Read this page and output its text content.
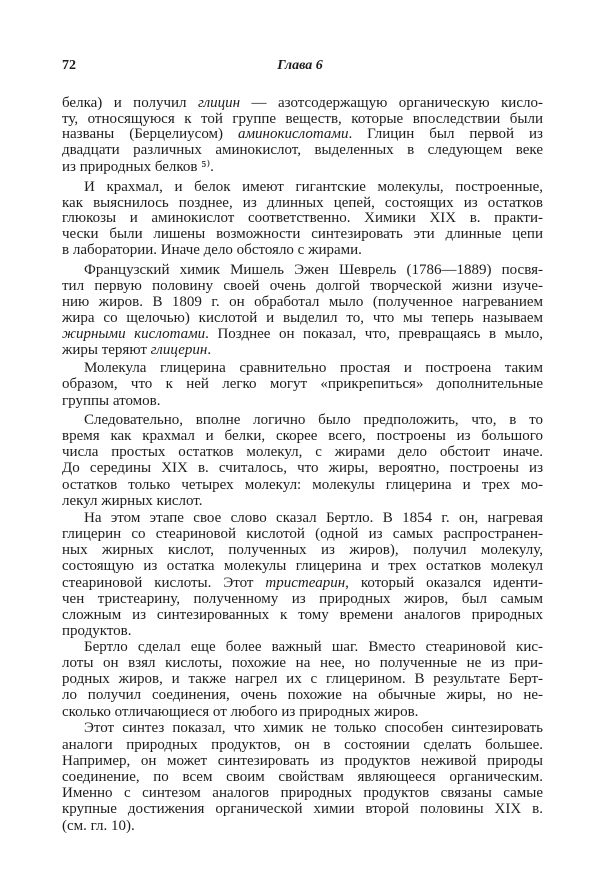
72	Глава 6
белка) и получил глицин — азотсодержащую органическую кисло-
ту, относящуюся к той группе веществ, которые впоследствии были
названы (Берцелиусом) аминокислотами. Глицин был первой из
двадцати различных аминокислот, выделенных в следующем веке
из природных белков ⁵⁾.
И крахмал, и белок имеют гигантские молекулы, построенные,
как выяснилось позднее, из длинных цепей, состоящих из остатков
глюкозы и аминокислот соответственно. Химики XIX в. практи-
чески были лишены возможности синтезировать эти длинные цепи
в лаборатории. Иначе дело обстояло с жирами.
Французский химик Мишель Эжен Шеврель (1786—1889) посвя-
тил первую половину своей очень долгой творческой жизни изуче-
нию жиров. В 1809 г. он обработал мыло (полученное нагреванием
жира со щелочью) кислотой и выделил то, что мы теперь называем
жирными кислотами. Позднее он показал, что, превращаясь в мыло,
жиры теряют глицерин.
Молекула глицерина сравнительно простая и построена таким
образом, что к ней легко могут «прикрепиться» дополнительные
группы атомов.
Следовательно, вполне логично было предположить, что, в то
время как крахмал и белки, скорее всего, построены из большого
числа простых остатков молекул, с жирами дело обстоит иначе.
До середины XIX в. считалось, что жиры, вероятно, построены из
остатков только четырех молекул: молекулы глицерина и трех мо-
лекул жирных кислот.
На этом этапе свое слово сказал Бертло. В 1854 г. он, нагревая
глицерин со стеариновой кислотой (одной из самых распространен-
ных жирных кислот, полученных из жиров), получил молекулу,
состоящую из остатка молекулы глицерина и трех остатков молекул
стеариновой кислоты. Этот тристеарин, который оказался иденти-
чен тристеарину, полученному из природных жиров, был самым
сложным из синтезированных к тому времени аналогов природных
продуктов.
Бертло сделал еще более важный шаг. Вместо стеариновой кис-
лоты он взял кислоты, похожие на нее, но полученные не из при-
родных жиров, и также нагрел их с глицерином. В результате Берт-
ло получил соединения, очень похожие на обычные жиры, но не-
сколько отличающиеся от любого из природных жиров.
Этот синтез показал, что химик не только способен синтезировать
аналоги природных продуктов, он в состоянии сделать большее.
Например, он может синтезировать из продуктов неживой природы
соединение, по всем своим свойствам являющееся органическим.
Именно с синтезом аналогов природных продуктов связаны самые
крупные достижения органической химии второй половины XIX в.
(см. гл. 10).
